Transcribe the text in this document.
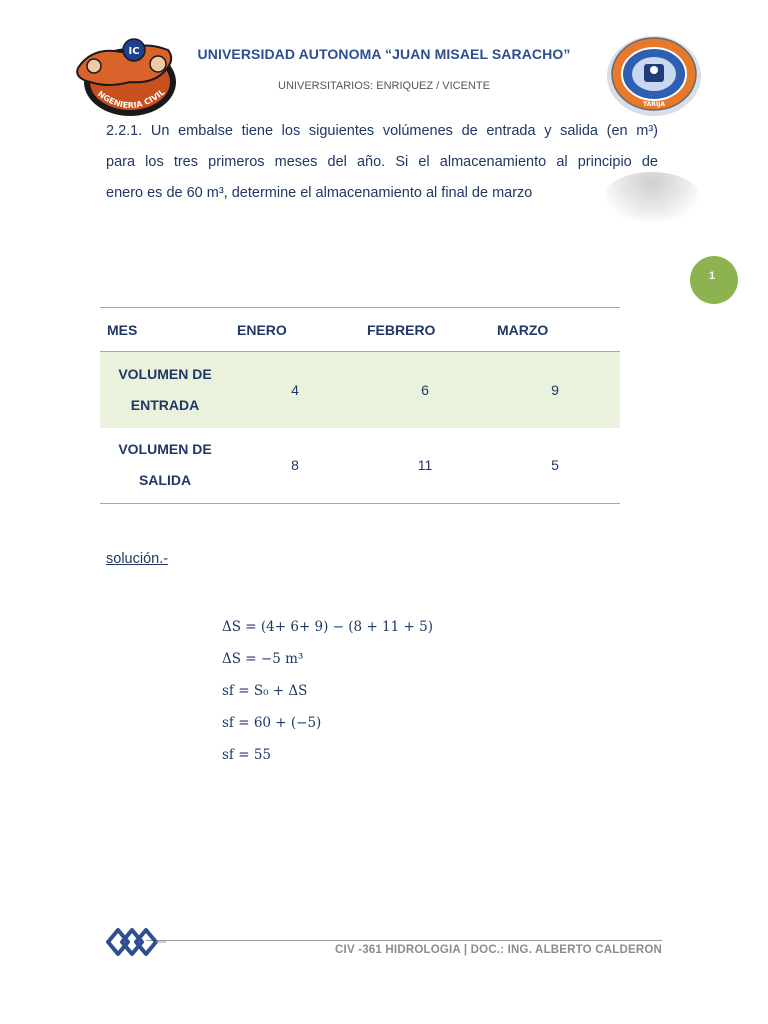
IC
NGENIERIA CIVIL
UNIVERSIDAD AUTONOMA “JUAN MISAEL SARACHO”
UNIVERSITARIOS: ENRIQUEZ / VICENTE
TARIJA
2.2.1. Un embalse tiene los siguientes volúmenes de entrada y salida (en m³)
para los tres primeros meses del año. Si el almacenamiento al principio de
enero es de 60 m³, determine el almacenamiento al final de marzo
1
MES	ENERO	FEBRERO	MARZO
VOLUMEN DE
ENTRADA	4	6	9
VOLUMEN DE
SALIDA	8	11	5
solución.-
ΔS = (4+ 6+ 9) − (8 + 11 + 5)
ΔS = −5 m³
sf = S₀ + ΔS
sf = 60 + (−5)
sf = 55
CIV -361 HIDROLOGIA | DOC.: ING. ALBERTO CALDERON
